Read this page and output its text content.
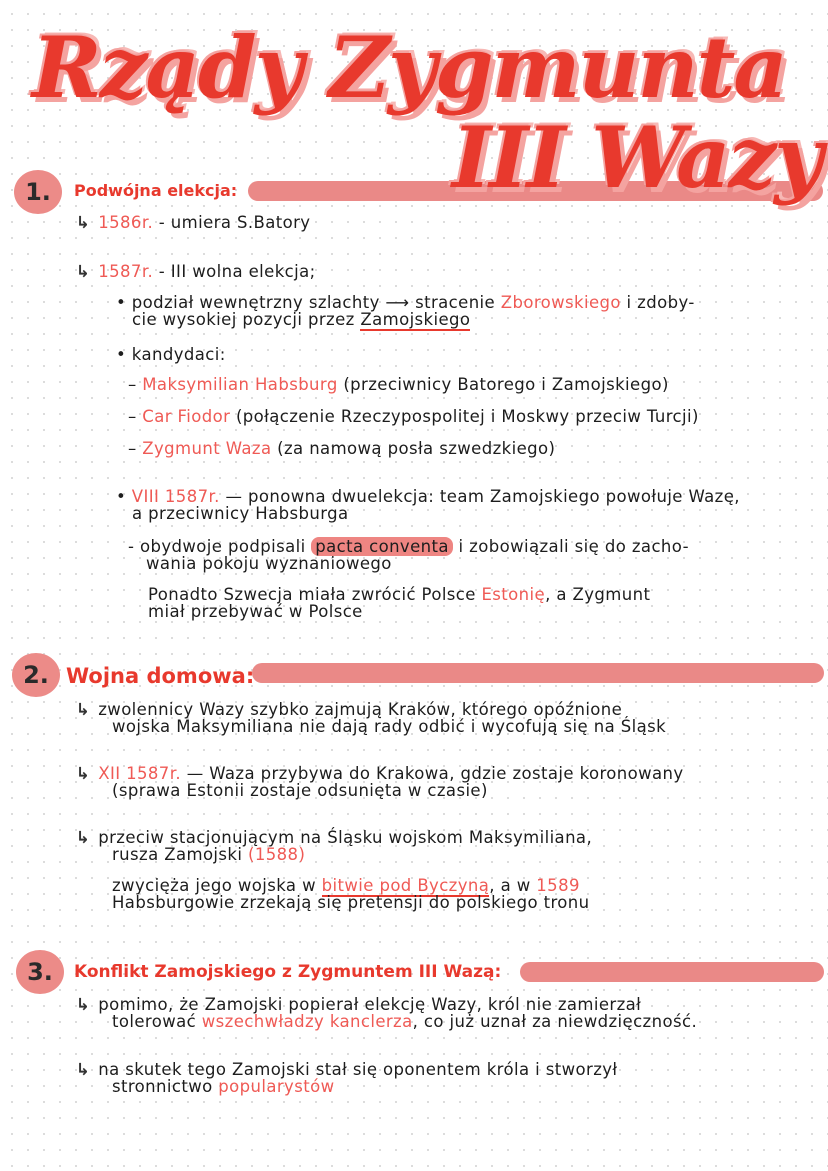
Rządy Zygmunta
III Wazy
1.	Podwójna elekcja:
↳ 1586r. - umiera S.Batory
↳ 1587r. - III wolna elekcja;
• podział wewnętrzny szlachty ⟶ stracenie Zborowskiego i zdoby-
cie wysokiej pozycji przez Zamojskiego
• kandydaci:
– Maksymilian Habsburg (przeciwnicy Batorego i Zamojskiego)
– Car Fiodor (połączenie Rzeczypospolitej i Moskwy przeciw Turcji)
– Zygmunt Waza (za namową posła szwedzkiego)
• VIII 1587r. — ponowna dwuelekcja: team Zamojskiego powołuje Wazę,
a przeciwnicy Habsburga
- obydwoje podpisali pacta conventa i zobowiązali się do zacho-
wania pokoju wyznaniowego
Ponadto Szwecja miała zwrócić Polsce Estonię, a Zygmunt
miał przebywać w Polsce
2. Wojna domowa:
↳ zwolennicy Wazy szybko zajmują Kraków, którego opóźnione
wojska Maksymiliana nie dają rady odbić i wycofują się na Śląsk
↳ XII 1587r. — Waza przybywa do Krakowa, gdzie zostaje koronowany
(sprawa Estonii zostaje odsunięta w czasie)
↳ przeciw stacjonującym na Śląsku wojskom Maksymiliana,
rusza Zamojski (1588)
zwycięża jego wojska w bitwie pod Byczyną, a w 1589
Habsburgowie zrzekają się pretensji do polskiego tronu
3.	Konflikt Zamojskiego z Zygmuntem III Wazą:
↳ pomimo, że Zamojski popierał elekcję Wazy, król nie zamierzał
tolerować wszechwładzy kanclerza, co już uznał za niewdzięczność.
↳ na skutek tego Zamojski stał się oponentem króla i stworzył
stronnictwo popularystów
